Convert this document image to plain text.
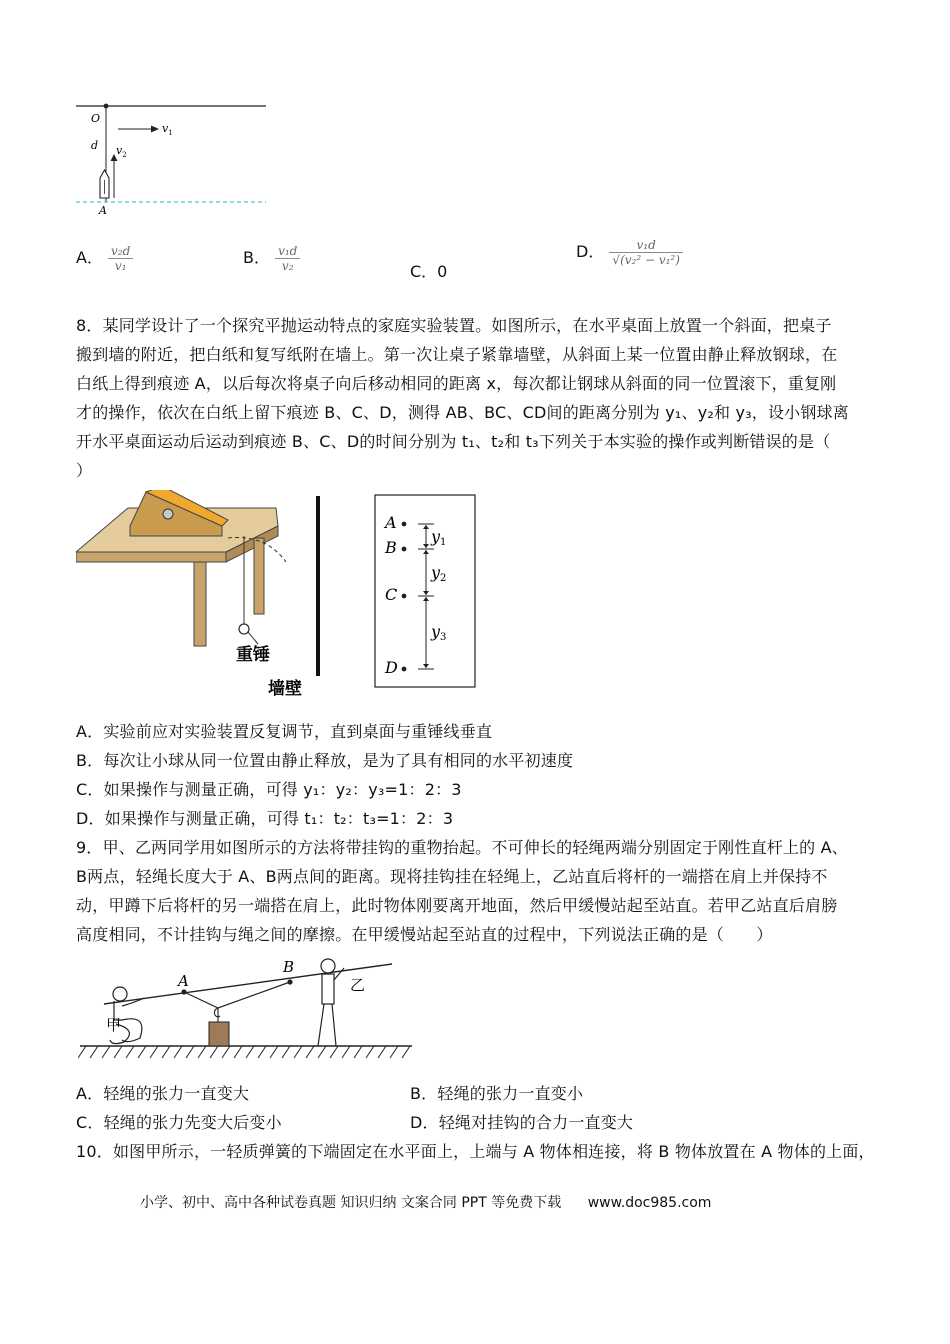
O
$v_1$
$v_2$
d
A
A． $\frac{\text{v₂d}}{\text{v₁}}$	B． $\frac{\text{v₁d}}{\text{v₂}}$	C．0
D． $\frac{\text{v₁d}}{\text{√(v₂² − v₁²)}}$
8．某同学设计了一个探究平抛运动特点的家庭实验装置。如图所示，在水平桌面上放置一个斜面，把桌子
搬到墙的附近，把白纸和复写纸附在墙上。第一次让桌子紧靠墙壁，从斜面上某一位置由静止释放钢球，在
白纸上得到痕迹 A，以后每次将桌子向后移动相同的距离 x，每次都让钢球从斜面的同一位置滚下，重复刚
才的操作，依次在白纸上留下痕迹 B、C、D，测得 AB、BC、CD间的距离分别为 y₁、y₂和 y₃，设小钢球离
开水平桌面运动后运动到痕迹 B、C、D的时间分别为 t₁、t₂和 t₃下列关于本实验的操作或判断错误的是（
）
重锤
墙壁
A
B
C
D
y1
y2
y3
A．实验前应对实验装置反复调节，直到桌面与重锤线垂直
B．每次让小球从同一位置由静止释放，是为了具有相同的水平初速度
C．如果操作与测量正确，可得 y₁：y₂：y₃=1：2：3
D．如果操作与测量正确，可得 t₁：t₂：t₃=1：2：3
9．甲、乙两同学用如图所示的方法将带挂钩的重物抬起。不可伸长的轻绳两端分别固定于刚性直杆上的 A、
B两点，轻绳长度大于 A、B两点间的距离。现将挂钩挂在轻绳上，乙站直后将杆的一端搭在肩上并保持不
动，甲蹲下后将杆的另一端搭在肩上，此时物体刚要离开地面，然后甲缓慢站起至站直。若甲乙站直后肩膀
高度相同，不计挂钩与绳之间的摩擦。在甲缓慢站起至站直的过程中，下列说法正确的是（　　）
A
B
甲
乙
A．轻绳的张力一直变大	B．轻绳的张力一直变小
C．轻绳的张力先变大后变小	D．轻绳对挂钩的合力一直变大
10．如图甲所示，一轻质弹簧的下端固定在水平面上，上端与 A 物体相连接，将 B 物体放置在 A 物体的上面，
小学、初中、高中各种试卷真题 知识归纳 文案合同 PPT 等免费下载 www.doc985.com
